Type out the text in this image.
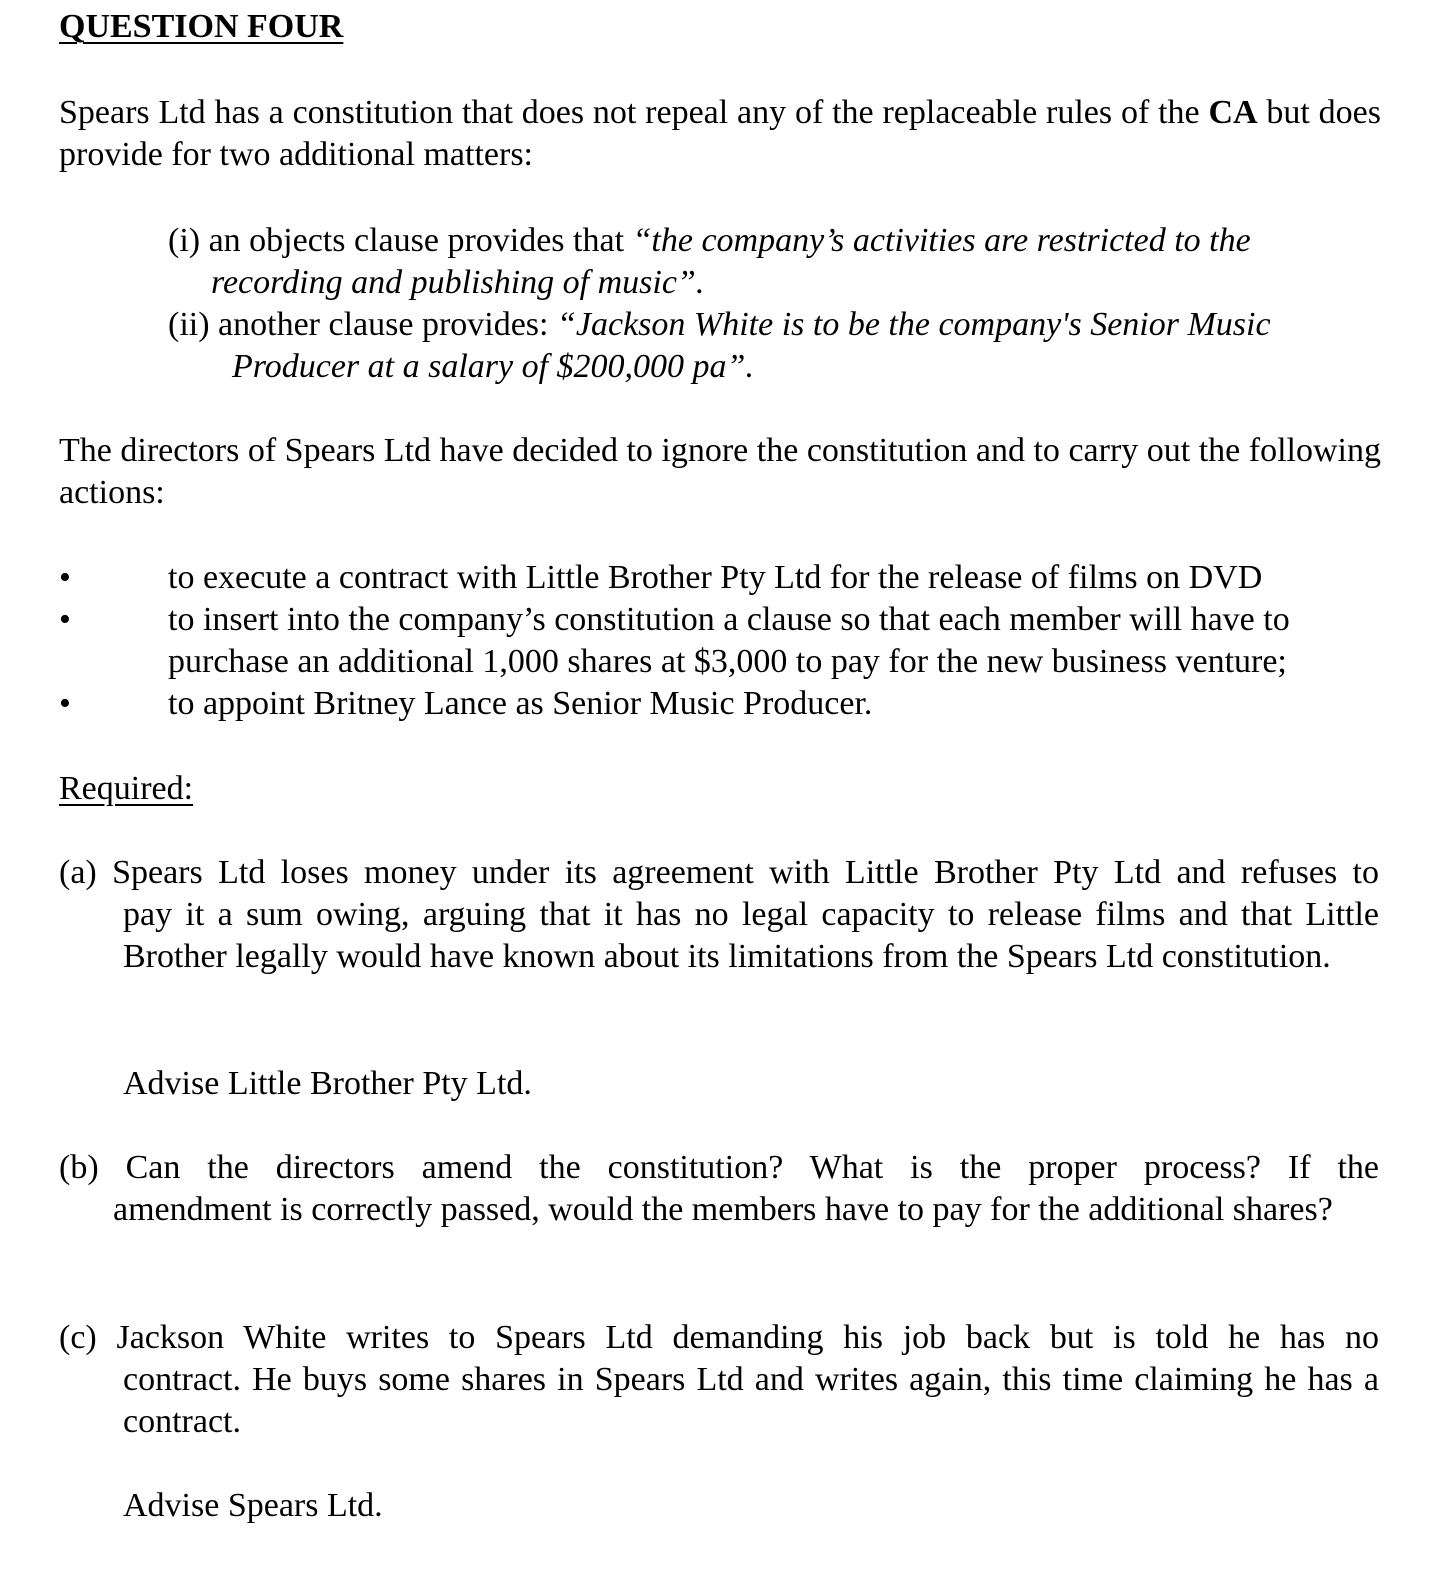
QUESTION FOUR

Spears Ltd has a constitution that does not repeal any of the replaceable rules of the CA but does provide for two additional matters:

(i) an objects clause provides that “the company’s activities are restricted to the
recording and publishing of music”.
(ii) another clause provides: “Jackson White is to be the company's Senior Music
Producer at a salary of $200,000 pa”.

The directors of Spears Ltd have decided to ignore the constitution and to carry out the following actions:

•	to execute a contract with Little Brother Pty Ltd for the release of films on DVD
•	to insert into the company’s constitution a clause so that each member will have to purchase an additional 1,000 shares at $3,000 to pay for the new business venture;
•	to appoint Britney Lance as Senior Music Producer.

Required:

(a) Spears Ltd loses money under its agreement with Little Brother Pty Ltd and refuses to
pay it a sum owing, arguing that it has no legal capacity to release films and that Little Brother legally would have known about its limitations from the Spears Ltd constitution.

Advise Little Brother Pty Ltd.

(b) Can the directors amend the constitution? What is the proper process? If the
amendment is correctly passed, would the members have to pay for the additional shares?
(c) Jackson White writes to Spears Ltd demanding his job back but is told he has no
contract. He buys some shares in Spears Ltd and writes again, this time claiming he has a contract.

Advise Spears Ltd.
